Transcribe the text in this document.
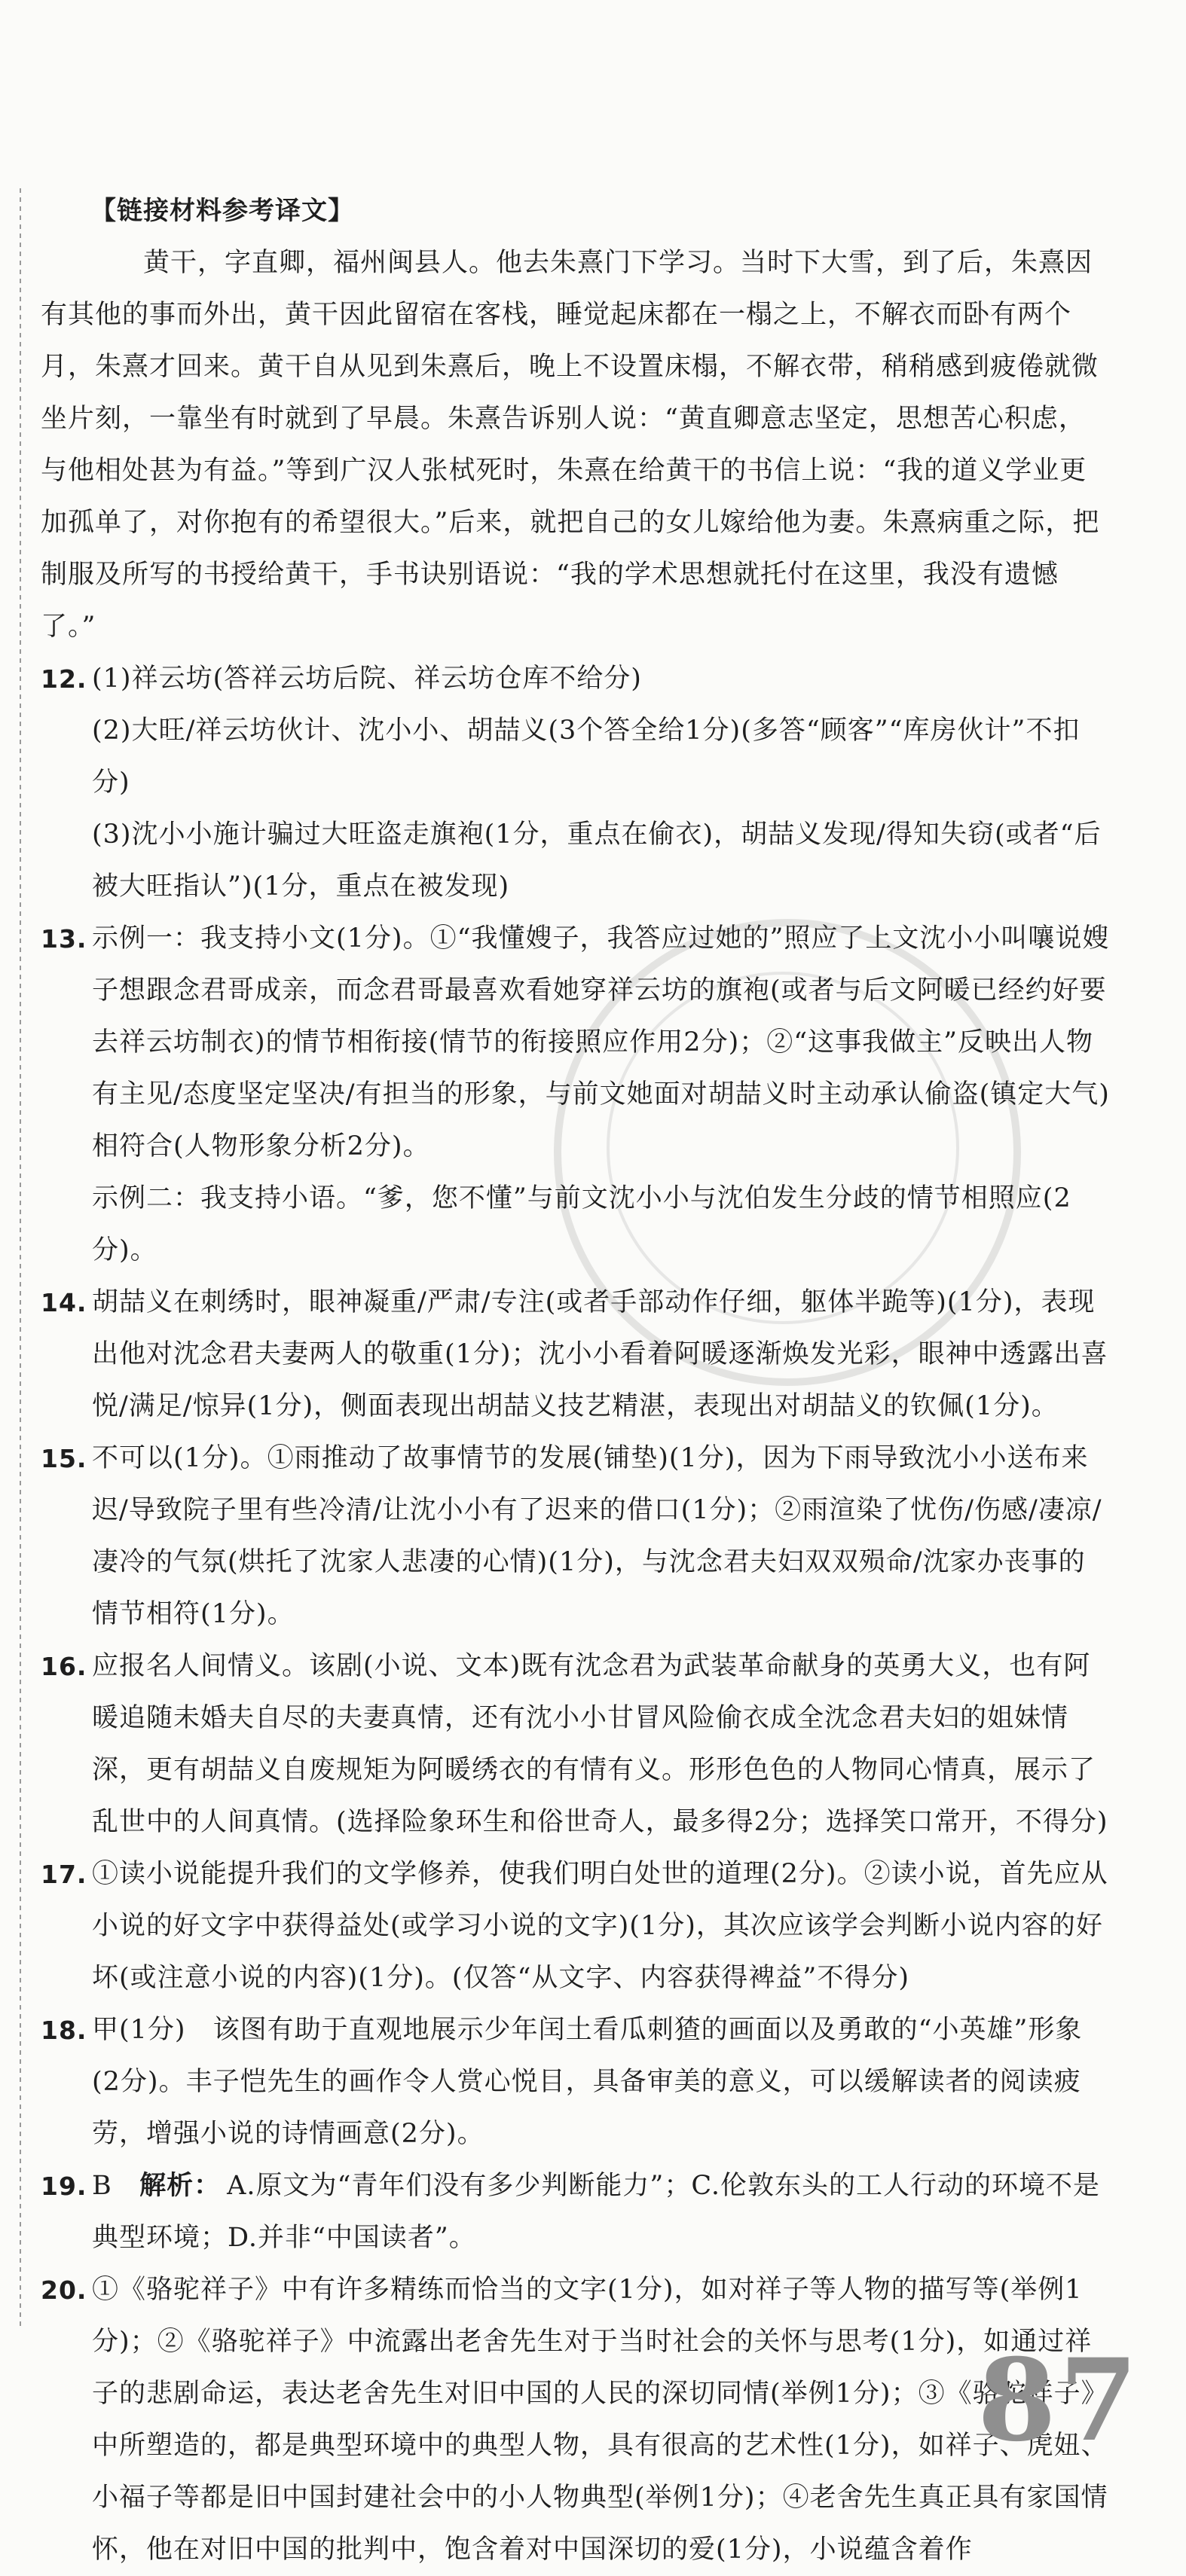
【链接材料参考译文】
黄干，字直卿，福州闽县人。他去朱熹门下学习。当时下大雪，到了后，朱熹因有其他的事而外出，黄干因此留宿在客栈，睡觉起床都在一榻之上，不解衣而卧有两个月，朱熹才回来。黄干自从见到朱熹后，晚上不设置床榻，不解衣带，稍稍感到疲倦就微坐片刻，一靠坐有时就到了早晨。朱熹告诉别人说：“黄直卿意志坚定，思想苦心积虑，与他相处甚为有益。”等到广汉人张栻死时，朱熹在给黄干的书信上说：“我的道义学业更加孤单了，对你抱有的希望很大。”后来，就把自己的女儿嫁给他为妻。朱熹病重之际，把制服及所写的书授给黄干，手书诀别语说：“我的学术思想就托付在这里，我没有遗憾了。”
12. (1)祥云坊(答祥云坊后院、祥云坊仓库不给分)
(2)大旺/祥云坊伙计、沈小小、胡喆义(3个答全给1分)(多答“顾客”“库房伙计”不扣分)
(3)沈小小施计骗过大旺盗走旗袍(1分，重点在偷衣)，胡喆义发现/得知失窃(或者“后被大旺指认”)(1分，重点在被发现)
13. 示例一：我支持小文(1分)。①“我懂嫂子，我答应过她的”照应了上文沈小小叫嚷说嫂子想跟念君哥成亲，而念君哥最喜欢看她穿祥云坊的旗袍(或者与后文阿暖已经约好要去祥云坊制衣)的情节相衔接(情节的衔接照应作用2分)；②“这事我做主”反映出人物有主见/态度坚定坚决/有担当的形象，与前文她面对胡喆义时主动承认偷盗(镇定大气)相符合(人物形象分析2分)。
示例二：我支持小语。“爹，您不懂”与前文沈小小与沈伯发生分歧的情节相照应(2分)。
14. 胡喆义在刺绣时，眼神凝重/严肃/专注(或者手部动作仔细，躯体半跪等)(1分)，表现出他对沈念君夫妻两人的敬重(1分)；沈小小看着阿暖逐渐焕发光彩，眼神中透露出喜悦/满足/惊异(1分)，侧面表现出胡喆义技艺精湛，表现出对胡喆义的钦佩(1分)。
15. 不可以(1分)。①雨推动了故事情节的发展(铺垫)(1分)，因为下雨导致沈小小送布来迟/导致院子里有些冷清/让沈小小有了迟来的借口(1分)；②雨渲染了忧伤/伤感/凄凉/凄冷的气氛(烘托了沈家人悲凄的心情)(1分)，与沈念君夫妇双双殒命/沈家办丧事的情节相符(1分)。
16. 应报名人间情义。该剧(小说、文本)既有沈念君为武装革命献身的英勇大义，也有阿暖追随未婚夫自尽的夫妻真情，还有沈小小甘冒风险偷衣成全沈念君夫妇的姐妹情深，更有胡喆义自废规矩为阿暖绣衣的有情有义。形形色色的人物同心情真，展示了乱世中的人间真情。(选择险象环生和俗世奇人，最多得2分；选择笑口常开，不得分)
17. ①读小说能提升我们的文学修养，使我们明白处世的道理(2分)。②读小说，首先应从小说的好文字中获得益处(或学习小说的文字)(1分)，其次应该学会判断小说内容的好坏(或注意小说的内容)(1分)。(仅答“从文字、内容获得裨益”不得分)
18. 甲(1分)　该图有助于直观地展示少年闰土看瓜刺猹的画面以及勇敢的“小英雄”形象(2分)。丰子恺先生的画作令人赏心悦目，具备审美的意义，可以缓解读者的阅读疲劳，增强小说的诗情画意(2分)。
19. B 解析： A.原文为“青年们没有多少判断能力”；C.伦敦东头的工人行动的环境不是典型环境；D.并非“中国读者”。
20. ①《骆驼祥子》中有许多精练而恰当的文字(1分)，如对祥子等人物的描写等(举例1分)；②《骆驼祥子》中流露出老舍先生对于当时社会的关怀与思考(1分)，如通过祥子的悲剧命运，表达老舍先生对旧中国的人民的深切同情(举例1分)；③《骆驼祥子》中所塑造的，都是典型环境中的典型人物，具有很高的艺术性(1分)，如祥子、虎妞、小福子等都是旧中国封建社会中的小人物典型(举例1分)；④老舍先生真正具有家国情怀，他在对旧中国的批判中，饱含着对中国深切的爱(1分)，小说蕴含着作
87
